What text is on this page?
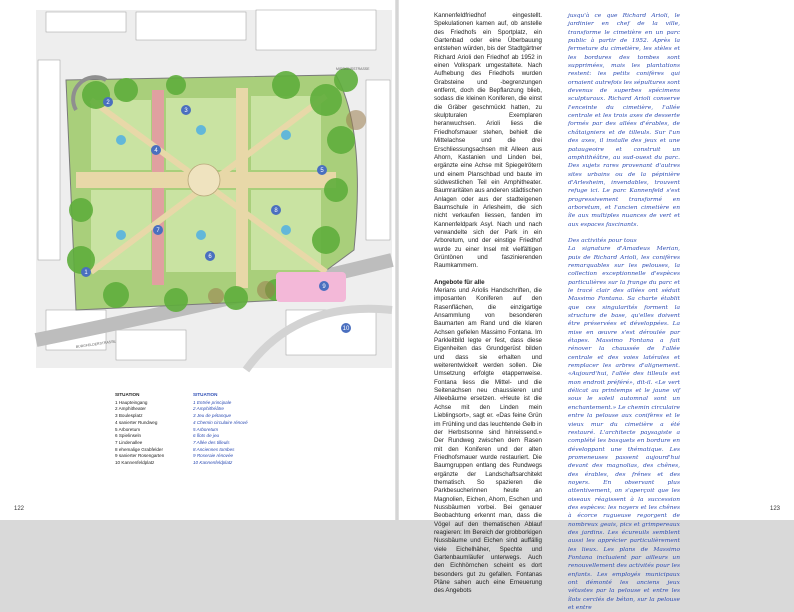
1
2
3
4
5
6
7
8
9
10
BURGFELDERSTRASSE
MISSIONSSTRASSE
SITUATION
1 Haupteingang
2 Amphitheater
3 Boulesplatz
4 sanierter Rundweg
5 Arboretum
6 Spielinseln
7 Lindenallee
8 ehemalige Grabfelder
9 sanierter Rosengarten
10 Kannenfeldplatz
SITUATION
1 Entrée principale
2 Amphithéâtre
3 Jeu de pétanque
4 Chemin circulaire rénové
5 Arboretum
6 Îlots de jeu
7 Allée des tilleuls
8 Anciennes tombes
9 Roseraie rénovée
10 Kannenfeldplatz
122

Kannenfeldfriedhof eingestellt. Spekulationen kamen auf, ob anstelle des Friedhofs ein Sportplatz, ein Gartenbad oder eine Überbauung entstehen würden, bis der Stadtgärtner Richard Arioli den Friedhof ab 1952 in einen Volkspark umgestaltete. Nach Aufhebung des Friedhofs wurden Grabsteine und -begrenzungen entfernt, doch die Bepflanzung blieb, sodass die kleinen Koniferen, die einst die Gräber geschmückt hatten, zu skulpturalen Exemplaren heranwuchsen. Arioli liess die Friedhofsmauer stehen, behielt die Mittelachse und die drei Erschliessungsachsen mit Alleen aus Ahorn, Kastanien und Linden bei, ergänzte eine Achse mit Spiegelrötern und einem Planschbad und baute im südwestlichen Teil ein Amphitheater. Baumraritäten aus anderen städtischen Anlagen oder aus der stadteigenen Baumschule in Arlesheim, die sich nicht verkaufen liessen, fanden im Kannenfeldpark Asyl. Nach und nach verwandelte sich der Park in ein Arboretum, und der einstige Friedhof wurde zu einer Insel mit vielfältigen Grüntönen und faszinierenden Raumkammern.

Angebote für alle

Merians und Ariolis Handschriften, die imposanten Koniferen auf den Rasenflächen, die einzigartige Ansammlung von besonderen Baumarten am Rand und die klaren Achsen gefielen Massimo Fontana. Im Parkleitbild legte er fest, dass diese Eigenheiten das Grundgerüst bilden und dass sie erhalten und weiterentwickelt werden sollen. Die Umsetzung erfolgte etappenweise. Fontana liess die Mittel- und die Seitenachsen neu chaussieren und Alleebäume ersetzen. «Heute ist die Achse mit den Linden mein Lieblingsort», sagt er. «Das feine Grün im Frühling und das leuchtende Gelb in der Herbstsonne sind hinreissend.» Der Rundweg zwischen dem Rasen mit den Koniferen und der alten Friedhofsmauer wurde restauriert. Die Baumgruppen entlang des Rundwegs ergänzte der Landschaftsarchitekt thematisch. So spazieren die Parkbesucherinnen heute an Magnolien, Eichen, Ahorn, Eschen und Nussbäumen vorbei. Bei genauer Beobachtung erkennt man, dass die Vögel auf den thematischen Ablauf reagieren: Im Bereich der grobborkigen Nussbäume und Eichen sind auffällig viele Eichelhäher, Spechte und Gartenbaumläufer unterwegs. Auch den Eichhörnchen scheint es dort besonders gut zu gefallen. Fontanas Pläne sahen auch eine Erneuerung des Angebots

jusqu'à ce que Richard Arioli, le jardinier en chef de la ville, transforme le cimetière en un parc public à partir de 1952. Après la fermeture du cimetière, les stèles et les bordures des tombes sont supprimées, mais les plantations restent: les petits conifères qui ornaient autrefois les sépultures sont devenus de superbes spécimens sculpturaux. Richard Arioli conserve l'enceinte du cimetière, l'allée centrale et les trois axes de desserte formés par des allées d'érables, de châtaigniers et de tilleuls. Sur l'un des axes, il installe des jeux et une pataugeoire et construit un amphithéâtre, au sud-ouest du parc. Des sujets rares provenant d'autres sites urbains ou de la pépinière d'Arlesheim, invendables, trouvent refuge ici. Le parc Kannenfeld s'est progressivement transformé en arboretum, et l'ancien cimetière en île aux multiples nuances de vert et aux espaces fascinants.

Des activités pour tous

La signature d'Amadeus Merian, puis de Richard Arioli, les conifères remarquables sur les pelouses, la collection exceptionnelle d'espèces particulières sur la frange du parc et le tracé clair des allées ont séduit Massimo Fontana. Sa charte établit que ces singularités forment la structure de base, qu'elles doivent être préservées et développées. La mise en œuvre s'est déroulée par étapes. Massimo Fontana a fait rénover la chaussée de l'allée centrale et des voies latérales et remplacer les arbres d'alignement. «Aujourd'hui, l'allée des tilleuls est mon endroit préféré», dit-il. «Le vert délicat au printemps et le jaune vif sous le soleil automnal sont un enchantement.» Le chemin circulaire entre la pelouse aux conifères et le vieux mur du cimetière a été restauré. L'architecte paysagiste a complété les bosquets en bordure en développant une thématique. Les promeneuses passent aujourd'hui devant des magnolias, des chênes, des érables, des frênes et des noyers. En observant plus attentivement, on s'aperçoit que les oiseaux réagissent à la succession des espèces: les noyers et les chênes à écorce rugueuse regorgent de nombreux geais, pics et grimpereaux des jardins. Les écureuils semblent aussi les apprécier particulièrement les lieux. Les plans de Massimo Fontana incluaient par ailleurs un renouvellement des activités pour les enfants. Les employés municipaux ont démonté les anciens jeux vétustes par la pelouse et entre les îlots cerclés de béton, sur la pelouse et entre

123
